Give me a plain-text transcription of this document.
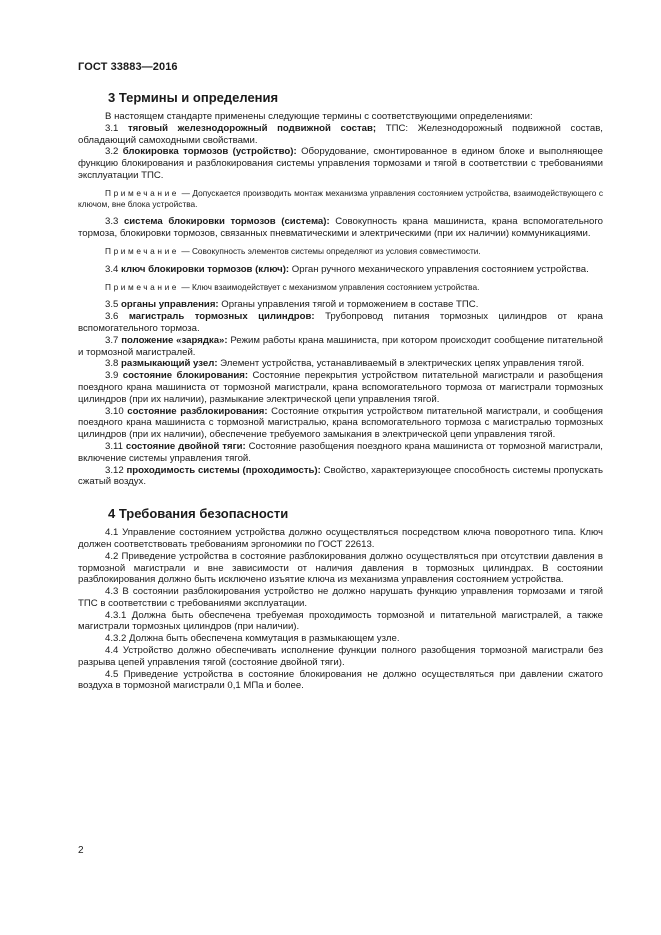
ГОСТ 33883—2016
3 Термины и определения

В настоящем стандарте применены следующие термины с соответствующими определениями:

3.1 тяговый железнодорожный подвижной состав; ТПС: Железнодорожный подвижной состав, обладающий самоходными свойствами.

3.2 блокировка тормозов (устройство): Оборудование, смонтированное в едином блоке и выполняющее функцию блокирования и разблокирования системы управления тормозами и тягой в соответствии с требованиями эксплуатации ТПС.

Примечание — Допускается производить монтаж механизма управления состоянием устройства, взаимодействующего с ключом, вне блока устройства.

3.3 система блокировки тормозов (система): Совокупность крана машиниста, крана вспомогательного тормоза, блокировки тормозов, связанных пневматическими и электрическими (при их наличии) коммуникациями.

Примечание — Совокупность элементов системы определяют из условия совместимости.

3.4 ключ блокировки тормозов (ключ): Орган ручного механического управления состоянием устройства.

Примечание — Ключ взаимодействует с механизмом управления состоянием устройства.

3.5 органы управления: Органы управления тягой и торможением в составе ТПС.

3.6 магистраль тормозных цилиндров: Трубопровод питания тормозных цилиндров от крана вспомогательного тормоза.

3.7 положение «зарядка»: Режим работы крана машиниста, при котором происходит сообщение питательной и тормозной магистралей.

3.8 размыкающий узел: Элемент устройства, устанавливаемый в электрических цепях управления тягой.

3.9 состояние блокирования: Состояние перекрытия устройством питательной магистрали и разобщения поездного крана машиниста от тормозной магистрали, крана вспомогательного тормоза от магистрали тормозных цилиндров (при их наличии), размыкание электрической цепи управления тягой.

3.10 состояние разблокирования: Состояние открытия устройством питательной магистрали, и сообщения поездного крана машиниста с тормозной магистралью, крана вспомогательного тормоза с магистралью тормозных цилиндров (при их наличии), обеспечение требуемого замыкания в электрической цепи управления тягой.

3.11 состояние двойной тяги: Состояние разобщения поездного крана машиниста от тормозной магистрали, включение системы управления тягой.

3.12 проходимость системы (проходимость): Свойство, характеризующее способность системы пропускать сжатый воздух.

4 Требования безопасности

4.1 Управление состоянием устройства должно осуществляться посредством ключа поворотного типа. Ключ должен соответствовать требованиям эргономики по ГОСТ 22613.

4.2 Приведение устройства в состояние разблокирования должно осуществляться при отсутствии давления в тормозной магистрали и вне зависимости от наличия давления в тормозных цилиндрах. В состоянии разблокирования должно быть исключено изъятие ключа из механизма управления состоянием устройства.

4.3 В состоянии разблокирования устройство не должно нарушать функцию управления тормозами и тягой ТПС в соответствии с требованиями эксплуатации.

4.3.1 Должна быть обеспечена требуемая проходимость тормозной и питательной магистралей, а также магистрали тормозных цилиндров (при наличии).

4.3.2 Должна быть обеспечена коммутация в размыкающем узле.

4.4 Устройство должно обеспечивать исполнение функции полного разобщения тормозной магистрали без разрыва цепей управления тягой (состояние двойной тяги).

4.5 Приведение устройства в состояние блокирования не должно осуществляться при давлении сжатого воздуха в тормозной магистрали 0,1 МПа и более.

2
